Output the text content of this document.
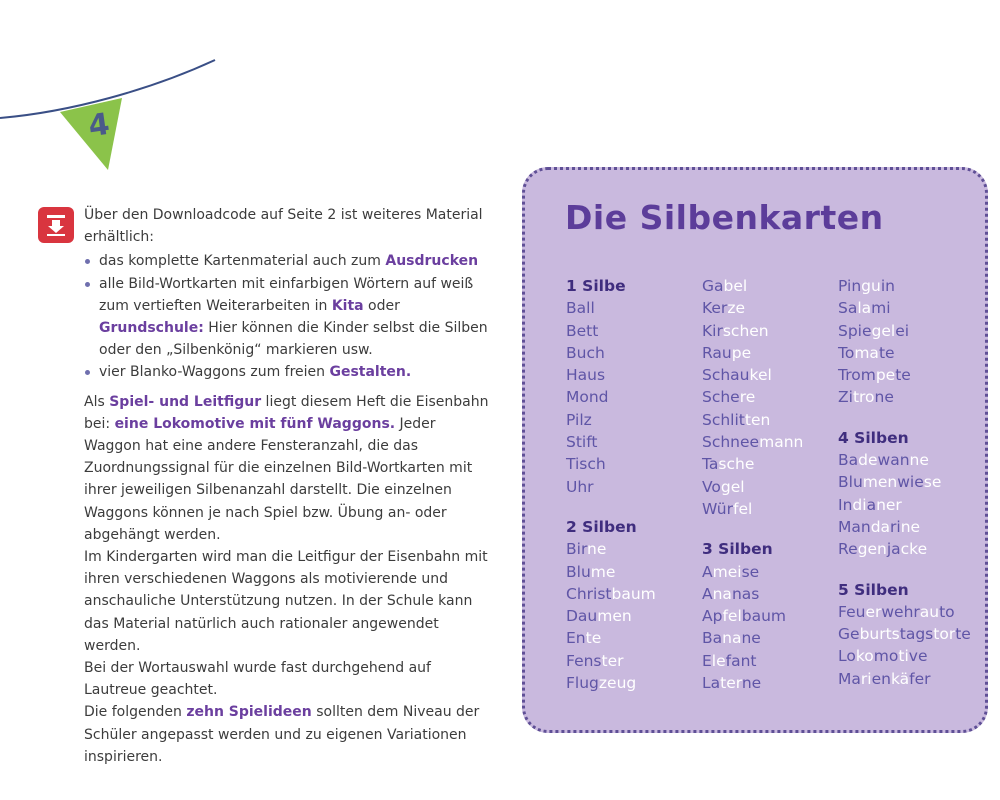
4

Über den Downloadcode auf Seite 2 ist weiteres Material erhältlich:

das komplette Kartenmaterial auch zum Ausdrucken
alle Bild-Wortkarten mit einfarbigen Wörtern auf weiß zum vertieften Weiterarbeiten in Kita oder Grundschule: Hier können die Kinder selbst die Silben oder den „Silbenkönig“ markieren usw.
vier Blanko-Waggons zum freien Gestalten.

Als Spiel- und Leitfigur liegt diesem Heft die Eisenbahn bei: eine Lokomotive mit fünf Waggons. Jeder Waggon hat eine andere Fensteranzahl, die das Zuordnungssignal für die einzelnen Bild-Wortkarten mit ihrer jeweiligen Silbenanzahl darstellt. Die einzelnen Waggons können je nach Spiel bzw. Übung an- oder abgehängt werden.

Im Kindergarten wird man die Leitfigur der Eisenbahn mit ihren verschiedenen Waggons als motivierende und anschauliche Unterstützung nutzen. In der Schule kann das Material natürlich auch rationaler angewendet werden.

Bei der Wortauswahl wurde fast durchgehend auf Lautreue geachtet.

Die folgenden zehn Spielideen sollten dem Niveau der Schüler angepasst werden und zu eigenen Variationen inspirieren.

Die Silbenkarten
1 Silbe
Ball
Bett
Buch
Haus
Mond
Pilz
Stift
Tisch
Uhr
2 Silben
Birne
Blume
Christbaum
Daumen
Ente
Fenster
Flugzeug
Gabel
Kerze
Kirschen
Raupe
Schaukel
Schere
Schlitten
Schneemann
Tasche
Vogel
Würfel
3 Silben
Ameise
Ananas
Apfelbaum
Banane
Elefant
Laterne
Pinguin
Salami
Spiegelei
Tomate
Trompete
Zitrone
4 Silben
Badewanne
Blumenwiese
Indianer
Mandarine
Regenjacke
5 Silben
Feuerwehrauto
Geburtstagstorte
Lokomotive
Marienkäfer
